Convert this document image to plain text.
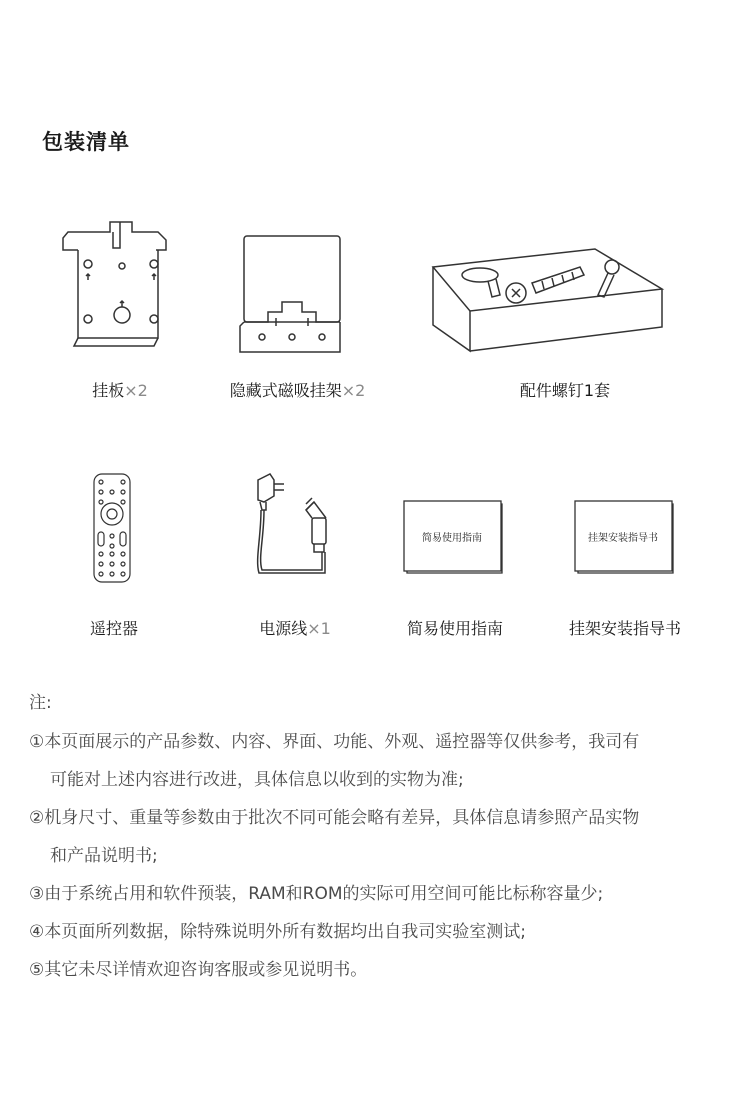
包装清单
挂板×2	隐藏式磁吸挂架×2	配件螺钉1套
遥控器	电源线×1
简易使用指南
简易使用指南
挂架安装指导书
挂架安装指导书
注:
①本页面展示的产品参数、内容、界面、功能、外观、遥控器等仅供参考，我司有
可能对上述内容进行改进，具体信息以收到的实物为准;
②机身尺寸、重量等参数由于批次不同可能会略有差异，具体信息请参照产品实物
和产品说明书;
③由于系统占用和软件预装，RAM和ROM的实际可用空间可能比标称容量少;
④本页面所列数据，除特殊说明外所有数据均出自我司实验室测试;
⑤其它未尽详情欢迎咨询客服或参见说明书。
